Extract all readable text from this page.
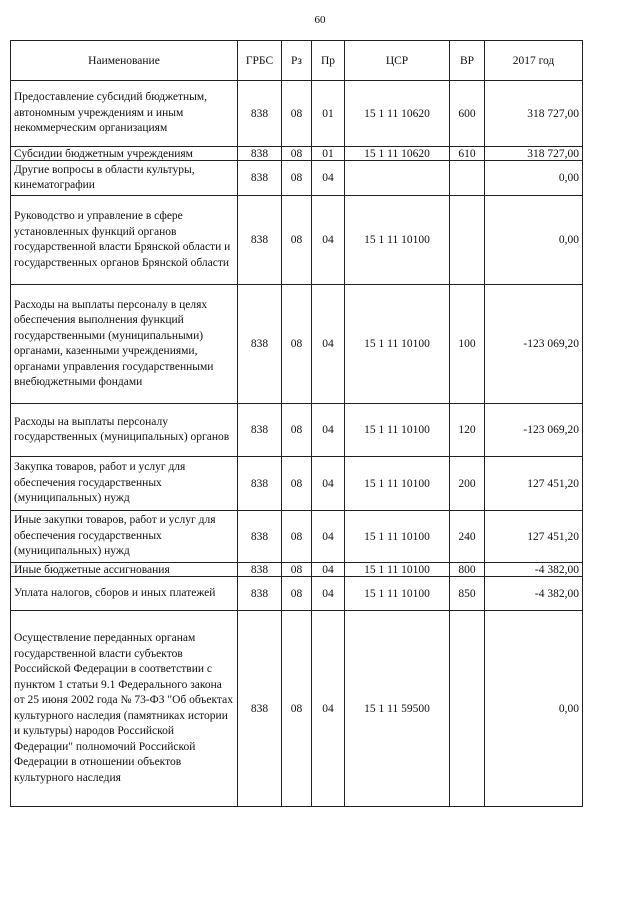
60
Наименование	ГРБС	Рз	Пр	ЦСР	ВР	2017 год
Предоставление субсидий бюджетным, автономным учреждениям и иным некоммерческим организациям	838	08	01	15 1 11 10620	600	318 727,00
Субсидии бюджетным учреждениям	838	08	01	15 1 11 10620	610	318 727,00
Другие вопросы в области культуры, кинематографии	838	08	04			0,00
Руководство и управление в сфере установленных функций органов государственной власти Брянской области и государственных органов Брянской области	838	08	04	15 1 11 10100		0,00
Расходы на выплаты персоналу в целях обеспечения выполнения функций государственными (муниципальными) органами, казенными учреждениями, органами управления государственными внебюджетными фондами	838	08	04	15 1 11 10100	100	-123 069,20
Расходы на выплаты персоналу государственных (муниципальных) органов	838	08	04	15 1 11 10100	120	-123 069,20
Закупка товаров, работ и услуг для обеспечения государственных (муниципальных) нужд	838	08	04	15 1 11 10100	200	127 451,20
Иные закупки товаров, работ и услуг для обеспечения государственных (муниципальных) нужд	838	08	04	15 1 11 10100	240	127 451,20
Иные бюджетные ассигнования	838	08	04	15 1 11 10100	800	-4 382,00
Уплата налогов, сборов и иных платежей	838	08	04	15 1 11 10100	850	-4 382,00
Осуществление переданных органам государственной власти субъектов Российской Федерации в соответствии с пунктом 1 статьи 9.1 Федерального закона от 25 июня 2002 года № 73-ФЗ "Об объектах культурного наследия (памятниках истории и культуры) народов Российской Федерации" полномочий Российской Федерации в отношении объектов культурного наследия	838	08	04	15 1 11 59500		0,00
